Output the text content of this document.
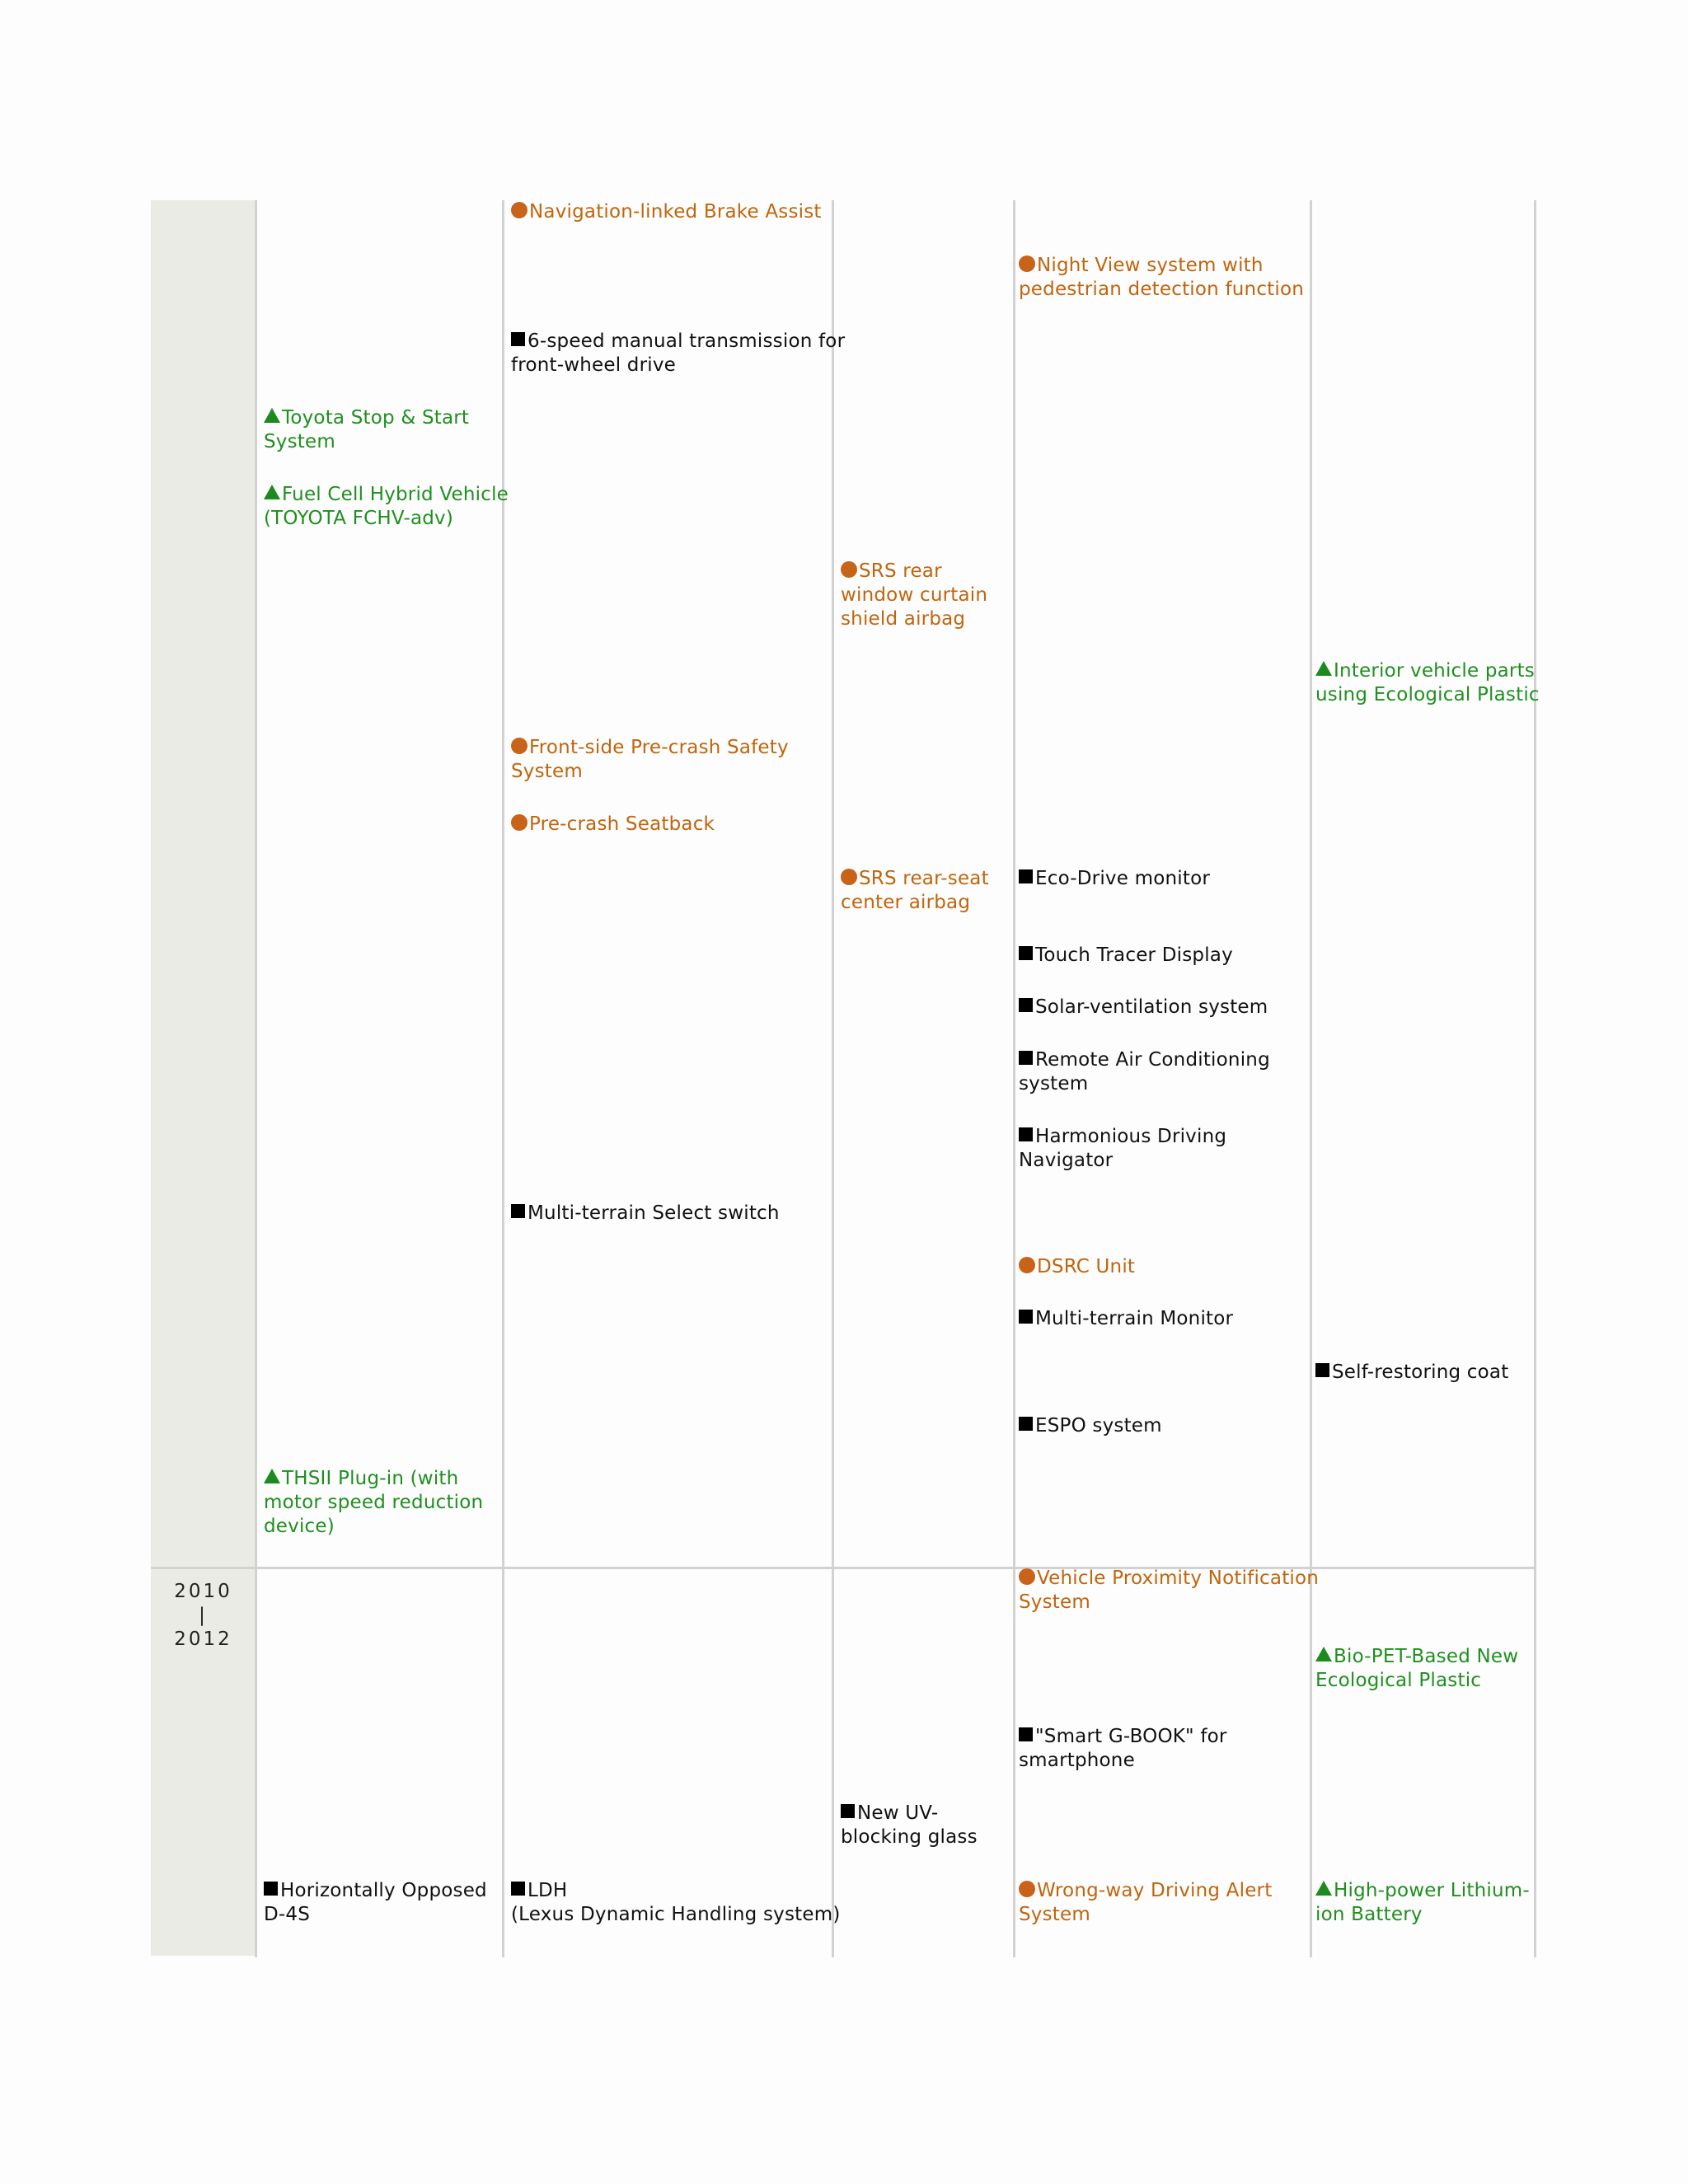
2010
|
2012
Toyota Stop & Start
System
Fuel Cell Hybrid Vehicle
(TOYOTA FCHV-adv)
THSII Plug-in (with
motor speed reduction
device)
Navigation-linked Brake Assist
6-speed manual transmission for
front-wheel drive
Front-side Pre-crash Safety
System
Pre-crash Seatback
Multi-terrain Select switch
SRS rear
window curtain
shield airbag
SRS rear-seat
center airbag
Night View system with
pedestrian detection function
Eco-Drive monitor
Touch Tracer Display
Solar-ventilation system
Remote Air Conditioning
system
Harmonious Driving
Navigator
DSRC Unit
Multi-terrain Monitor
ESPO system
Interior vehicle parts
using Ecological Plastic
Self-restoring coat
Horizontally Opposed
D-4S
LDH
(Lexus Dynamic Handling system)
New UV-
blocking glass
Vehicle Proximity Notification
System
"Smart G-BOOK" for
smartphone
Wrong-way Driving Alert
System
Bio-PET-Based New
Ecological Plastic
High-power Lithium-
ion Battery
